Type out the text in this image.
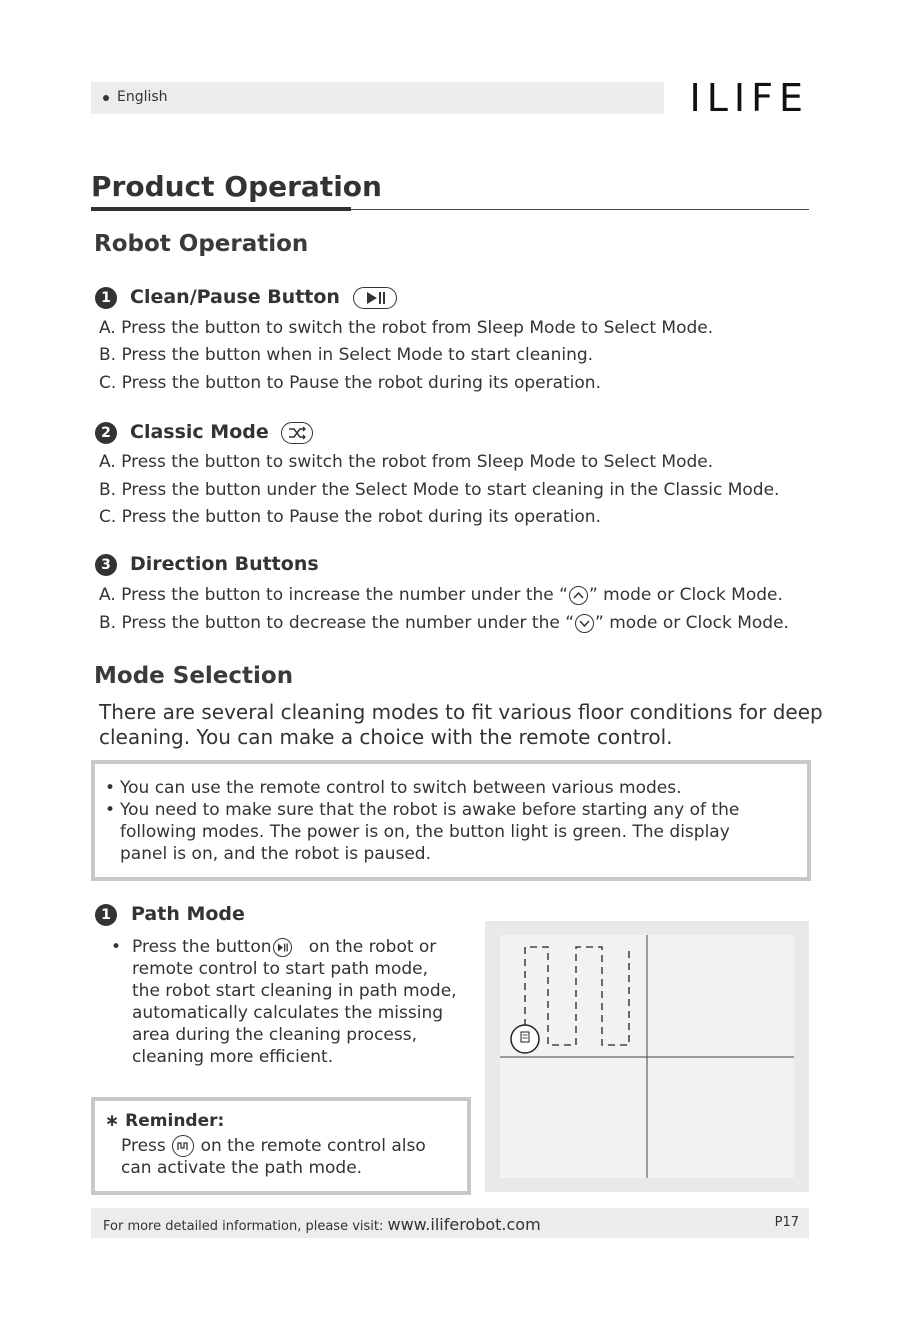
English	ILIFE
Product Operation
Robot Operation
1	Clean/Pause Button
A. Press the button to switch the robot from Sleep Mode to Select Mode.
B. Press the button when in Select Mode to start cleaning.
C. Press the button to Pause the robot during its operation.
2	Classic Mode
A. Press the button to switch the robot from Sleep Mode to Select Mode.
B. Press the button under the Select Mode to start cleaning in the Classic Mode.
C. Press the button to Pause the robot during its operation.
3	Direction Buttons
A. Press the button to increase the number under the “ ” mode or Clock Mode.
B. Press the button to decrease the number under the “ ” mode or Clock Mode.
Mode Selection
There are several cleaning modes to fit various floor conditions for deep
cleaning. You can make a choice with the remote control.
• You can use the remote control to switch between various modes.
• You need to make sure that the robot is awake before starting any of the
following modes. The power is on, the button light is green. The display
panel is on, and the robot is paused.
1	Path Mode
• Press the button on the robot or
remote control to start path mode,
the robot start cleaning in path mode,
automatically calculates the missing
area during the cleaning process,
cleaning more efficient.
∗ Reminder:
Press on the remote control also
can activate the path mode.
For more detailed information, please visit: www.iliferobot.com	P17
